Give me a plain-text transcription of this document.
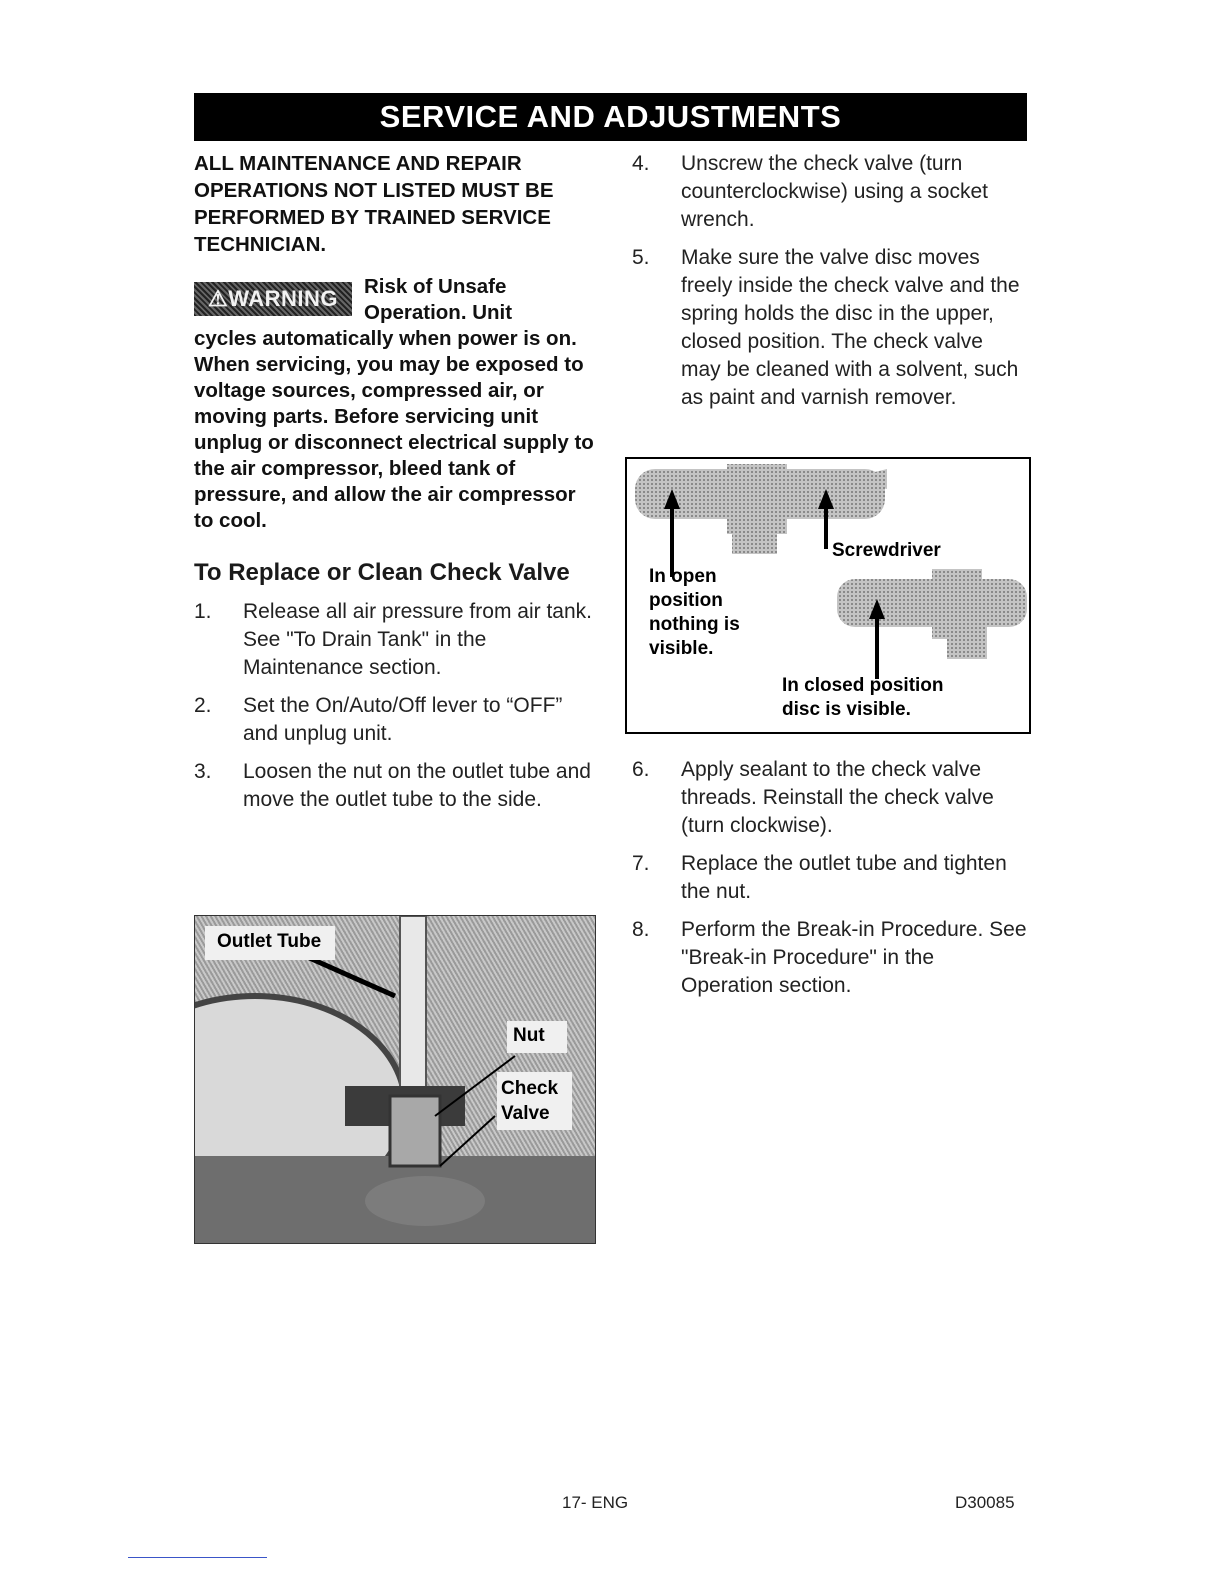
SERVICE AND ADJUSTMENTS

ALL MAINTENANCE AND REPAIR OPERATIONS NOT LISTED MUST BE PERFORMED BY TRAINED SERVICE TECHNICIAN.

⚠WARNING	Risk of Unsafe Operation. Unit
cycles automatically when power is on. When servicing, you may be exposed to voltage sources, compressed air, or moving parts. Before servicing unit unplug or disconnect electrical supply to the air compressor, bleed tank of pressure, and allow the air compressor to cool.
To Replace or Clean Check Valve
1. Release all air pressure from air tank. See "To Drain Tank" in the Maintenance section.
2. Set the On/Auto/Off lever to “OFF” and unplug unit.
3. Loosen the nut on the outlet tube and move the outlet tube to the side.
Outlet Tube
Nut
Check
Valve
4. Unscrew the check valve (turn counterclockwise) using a socket wrench.
5. Make sure the valve disc moves freely inside the check valve and the spring holds the disc in the upper, closed position. The check valve may be cleaned with a solvent, such as paint and varnish remover.
Screwdriver
In open
position
nothing is
visible.
In closed position
disc is visible.
6. Apply sealant to the check valve threads. Reinstall the check valve (turn clockwise).
7. Replace the outlet tube and tighten the nut.
8. Perform the Break-in Procedure. See "Break-in Procedure" in the Operation section.
17- ENG	D30085
